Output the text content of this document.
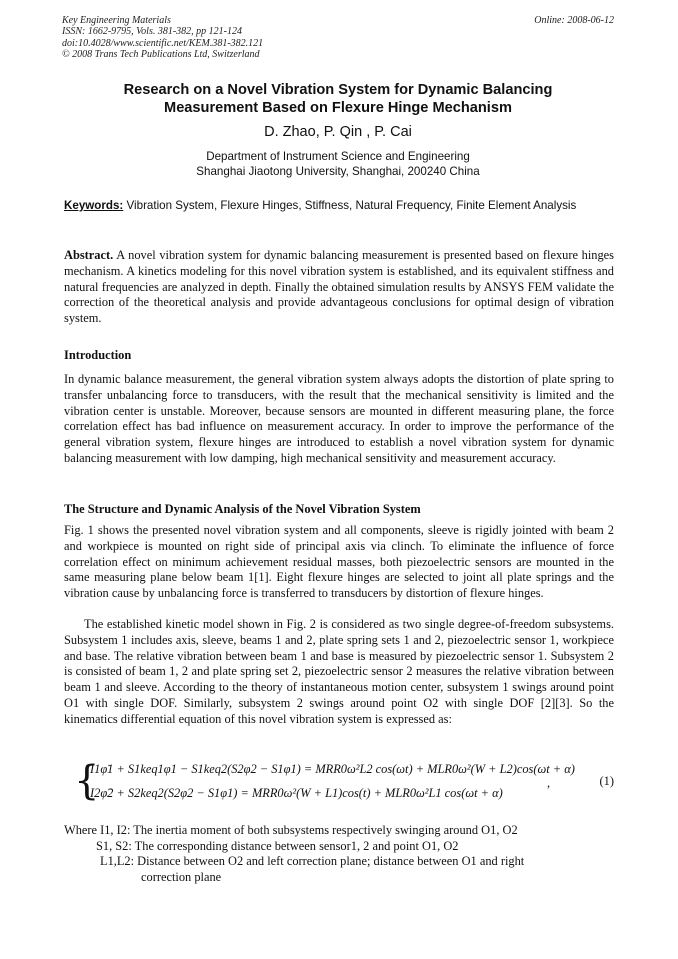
Key Engineering Materials
ISSN: 1662-9795, Vols. 381-382, pp 121-124
doi:10.4028/www.scientific.net/KEM.381-382.121
© 2008 Trans Tech Publications Ltd, Switzerland
Online: 2008-06-12
Research on a Novel Vibration System for Dynamic Balancing
Measurement Based on Flexure Hinge Mechanism
D. Zhao, P. Qin , P. Cai
Department of Instrument Science and Engineering
Shanghai Jiaotong University, Shanghai, 200240 China
Keywords: Vibration System, Flexure Hinges, Stiffness, Natural Frequency, Finite Element Analysis
Abstract. A novel vibration system for dynamic balancing measurement is presented based on flexure hinges mechanism. A kinetics modeling for this novel vibration system is established, and its equivalent stiffness and natural frequencies are analyzed in depth. Finally the obtained simulation results by ANSYS FEM validate the correction of the theoretical analysis and provide advantageous conclusions for optimal design of vibration system.
Introduction
In dynamic balance measurement, the general vibration system always adopts the distortion of plate spring to transfer unbalancing force to transducers, with the result that the mechanical sensitivity is limited and the vibration center is unstable. Moreover, because sensors are mounted in different measuring plane, the force correlation effect has bad influence on measurement accuracy. In order to improve the performance of the general vibration system, flexure hinges are introduced to establish a novel vibration system for dynamic balancing measurement with low damping, high mechanical sensitivity and measurement accuracy.
The Structure and Dynamic Analysis of the Novel Vibration System
Fig. 1 shows the presented novel vibration system and all components, sleeve is rigidly jointed with beam 2 and workpiece is mounted on right side of principal axis via clinch. To eliminate the influence of force correlation effect on minimum achievement residual masses, both piezoelectric sensors are mounted in the same measuring plane below beam 1[1]. Eight flexure hinges are selected to joint all plate springs and the vibration cause by unbalancing force is transferred to transducers by distortion of flexure hinges.
The established kinetic model shown in Fig. 2 is considered as two single degree-of-freedom subsystems. Subsystem 1 includes axis, sleeve, beams 1 and 2, plate spring sets 1 and 2, piezoelectric sensor 1, workpiece and base. The relative vibration between beam 1 and base is measured by piezoelectric sensor 1. Subsystem 2 is consisted of beam 1, 2 and plate spring set 2, piezoelectric sensor 2 measures the relative vibration between beam 1 and sleeve. According to the theory of instantaneous motion center, subsystem 1 swings around point O1 with single DOF. Similarly, subsystem 2 swings around point O2 with single DOF [2][3]. So the kinematics differential equation of this novel vibration system is expressed as:
{
I1φ̈1 + S1keq1φ1 − S1keq2(S2φ2 − S1φ1) = MRR0ω²L2 cos(ωt) + MLR0ω²(W + L2)cos(ωt + α)
I2φ̈2 + S2keq2(S2φ2 − S1φ1) = MRR0ω²(W + L1)cos(t) + MLR0ω²L1 cos(ωt + α)
,	(1)
Where I1, I2: The inertia moment of both subsystems respectively swinging around O1, O2
S1, S2: The corresponding distance between sensor1, 2 and point O1, O2
L1,L2: Distance between O2 and left correction plane; distance between O1 and right
correction plane
